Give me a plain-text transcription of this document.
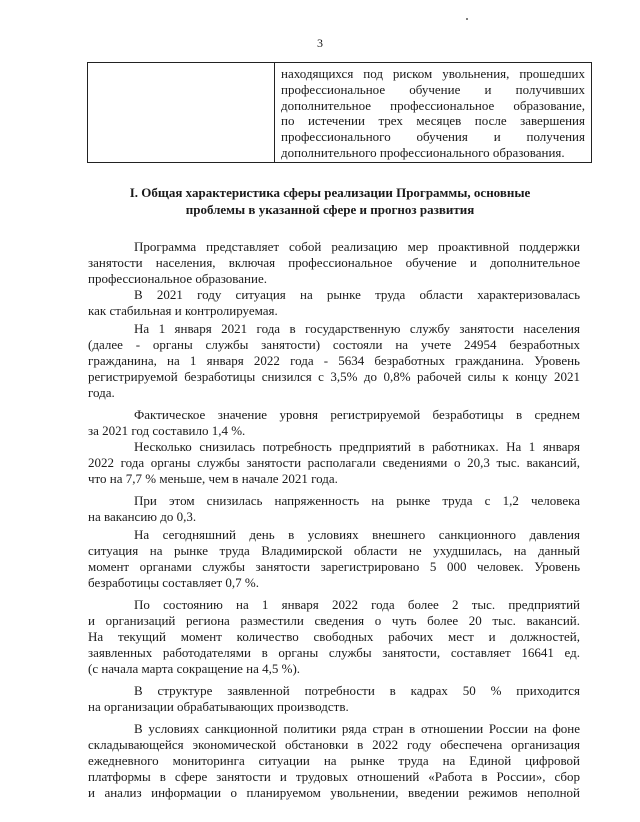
3

находящихся под риском увольнения, прошедших
профессиональное обучение и получивших
дополнительное профессиональное образование,
по истечении трех месяцев после завершения
профессионального обучения и получения
дополнительного профессионального образования.
I. Общая характеристика сферы реализации Программы, основные
проблемы в указанной сфере и прогноз развития
Программа представляет собой реализацию мер проактивной поддержки
занятости населения, включая профессиональное обучение и дополнительное
профессиональное образование.
В 2021 году ситуация на рынке труда области характеризовалась
как стабильная и контролируемая.
На 1 января 2021 года в государственную службу занятости населения
(далее - органы службы занятости) состояли на учете 24954 безработных
гражданина, на 1 января 2022 года - 5634 безработных гражданина. Уровень
регистрируемой безработицы снизился с 3,5% до 0,8% рабочей силы к концу 2021
года.
Фактическое значение уровня регистрируемой безработицы в среднем
за 2021 год составило 1,4 %.
Несколько снизилась потребность предприятий в работниках. На 1 января
2022 года органы службы занятости располагали сведениями о 20,3 тыс. вакансий,
что на 7,7 % меньше, чем в начале 2021 года.
При этом снизилась напряженность на рынке труда с 1,2 человека
на вакансию до 0,3.
На сегодняшний день в условиях внешнего санкционного давления
ситуация на рынке труда Владимирской области не ухудшилась, на данный
момент органами службы занятости зарегистрировано 5 000 человек. Уровень
безработицы составляет 0,7 %.
По состоянию на 1 января 2022 года более 2 тыс. предприятий
и организаций региона разместили сведения о чуть более 20 тыс. вакансий.
На текущий момент количество свободных рабочих мест и должностей,
заявленных работодателями в органы службы занятости, составляет 16641 ед.
(с начала марта сокращение на 4,5 %).
В структуре заявленной потребности в кадрах 50 % приходится
на организации обрабатывающих производств.
В условиях санкционной политики ряда стран в отношении России на фоне
складывающейся экономической обстановки в 2022 году обеспечена организация
ежедневного мониторинга ситуации на рынке труда на Единой цифровой
платформы в сфере занятости и трудовых отношений «Работа в России», сбор
и анализ информации о планируемом увольнении, введении режимов неполной
